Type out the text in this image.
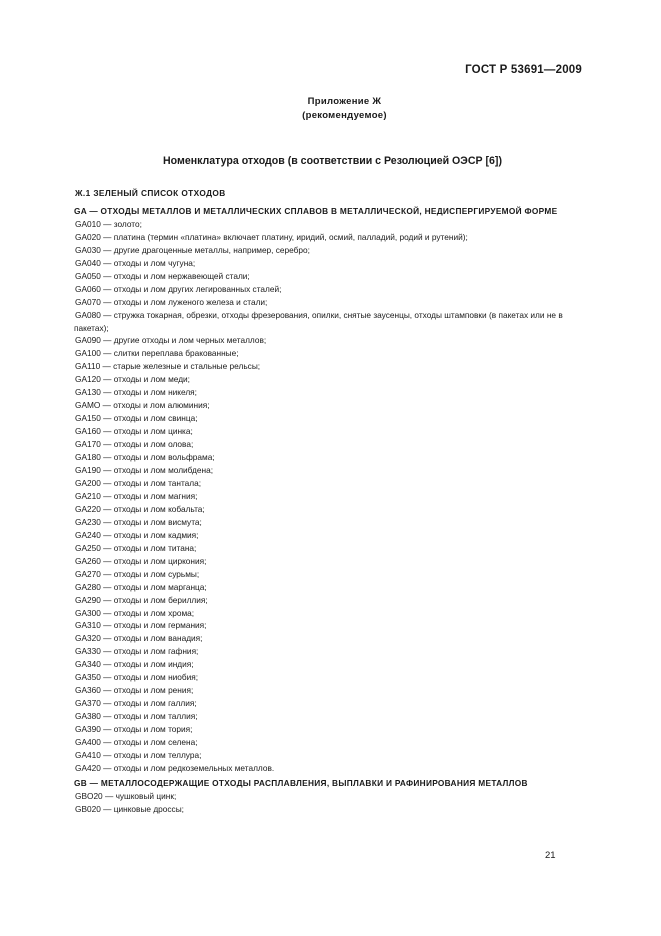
ГОСТ Р 53691—2009
Приложение Ж
(рекомендуемое)
Номенклатура отходов (в соответствии с Резолюцией ОЭСР [6])
Ж.1 ЗЕЛЕНЫЙ СПИСОК ОТХОДОВ
GA — ОТХОДЫ МЕТАЛЛОВ И МЕТАЛЛИЧЕСКИХ СПЛАВОВ В МЕТАЛЛИЧЕСКОЙ, НЕДИСПЕРГИРУЕМОЙ ФОРМЕ
GA010 — золото;
GA020 — платина (термин «платина» включает платину, иридий, осмий, палладий, родий и рутений);
GA030 — другие драгоценные металлы, например, серебро;
GA040 — отходы и лом чугуна;
GA050 — отходы и лом нержавеющей стали;
GA060 — отходы и лом других легированных сталей;
GA070 — отходы и лом луженого железа и стали;
GA080 — стружка токарная, обрезки, отходы фрезерования, опилки, снятые заусенцы, отходы штамповки (в пакетах или не в пакетах);
GA090 — другие отходы и лом черных металлов;
GA100 — слитки переплава бракованные;
GA110 — старые железные и стальные рельсы;
GA120 — отходы и лом меди;
GA130 — отходы и лом никеля;
GAMO — отходы и лом алюминия;
GA150 — отходы и лом свинца;
GA160 — отходы и лом цинка;
GA170 — отходы и лом олова;
GA180 — отходы и лом вольфрама;
GA190 — отходы и лом молибдена;
GA200 — отходы и лом тантала;
GA210 — отходы и лом магния;
GA220 — отходы и лом кобальта;
GA230 — отходы и лом висмута;
GA240 — отходы и лом кадмия;
GA250 — отходы и лом титана;
GA260 — отходы и лом циркония;
GA270 — отходы и лом сурьмы;
GA280 — отходы и лом марганца;
GA290 — отходы и лом бериллия;
GA300 — отходы и лом хрома;
GA310 — отходы и лом германия;
GA320 — отходы и лом ванадия;
GA330 — отходы и лом гафния;
GA340 — отходы и лом индия;
GA350 — отходы и лом ниобия;
GA360 — отходы и лом рения;
GA370 — отходы и лом галлия;
GA380 — отходы и лом таллия;
GA390 — отходы и лом тория;
GA400 — отходы и лом селена;
GA410 — отходы и лом теллура;
GA420 — отходы и лом редкоземельных металлов.
GB — МЕТАЛЛОСОДЕРЖАЩИЕ ОТХОДЫ РАСПЛАВЛЕНИЯ, ВЫПЛАВКИ И РАФИНИРОВАНИЯ МЕТАЛЛОВ
GBO20 — чушковый цинк;
GB020 — цинковые дроссы;
21
